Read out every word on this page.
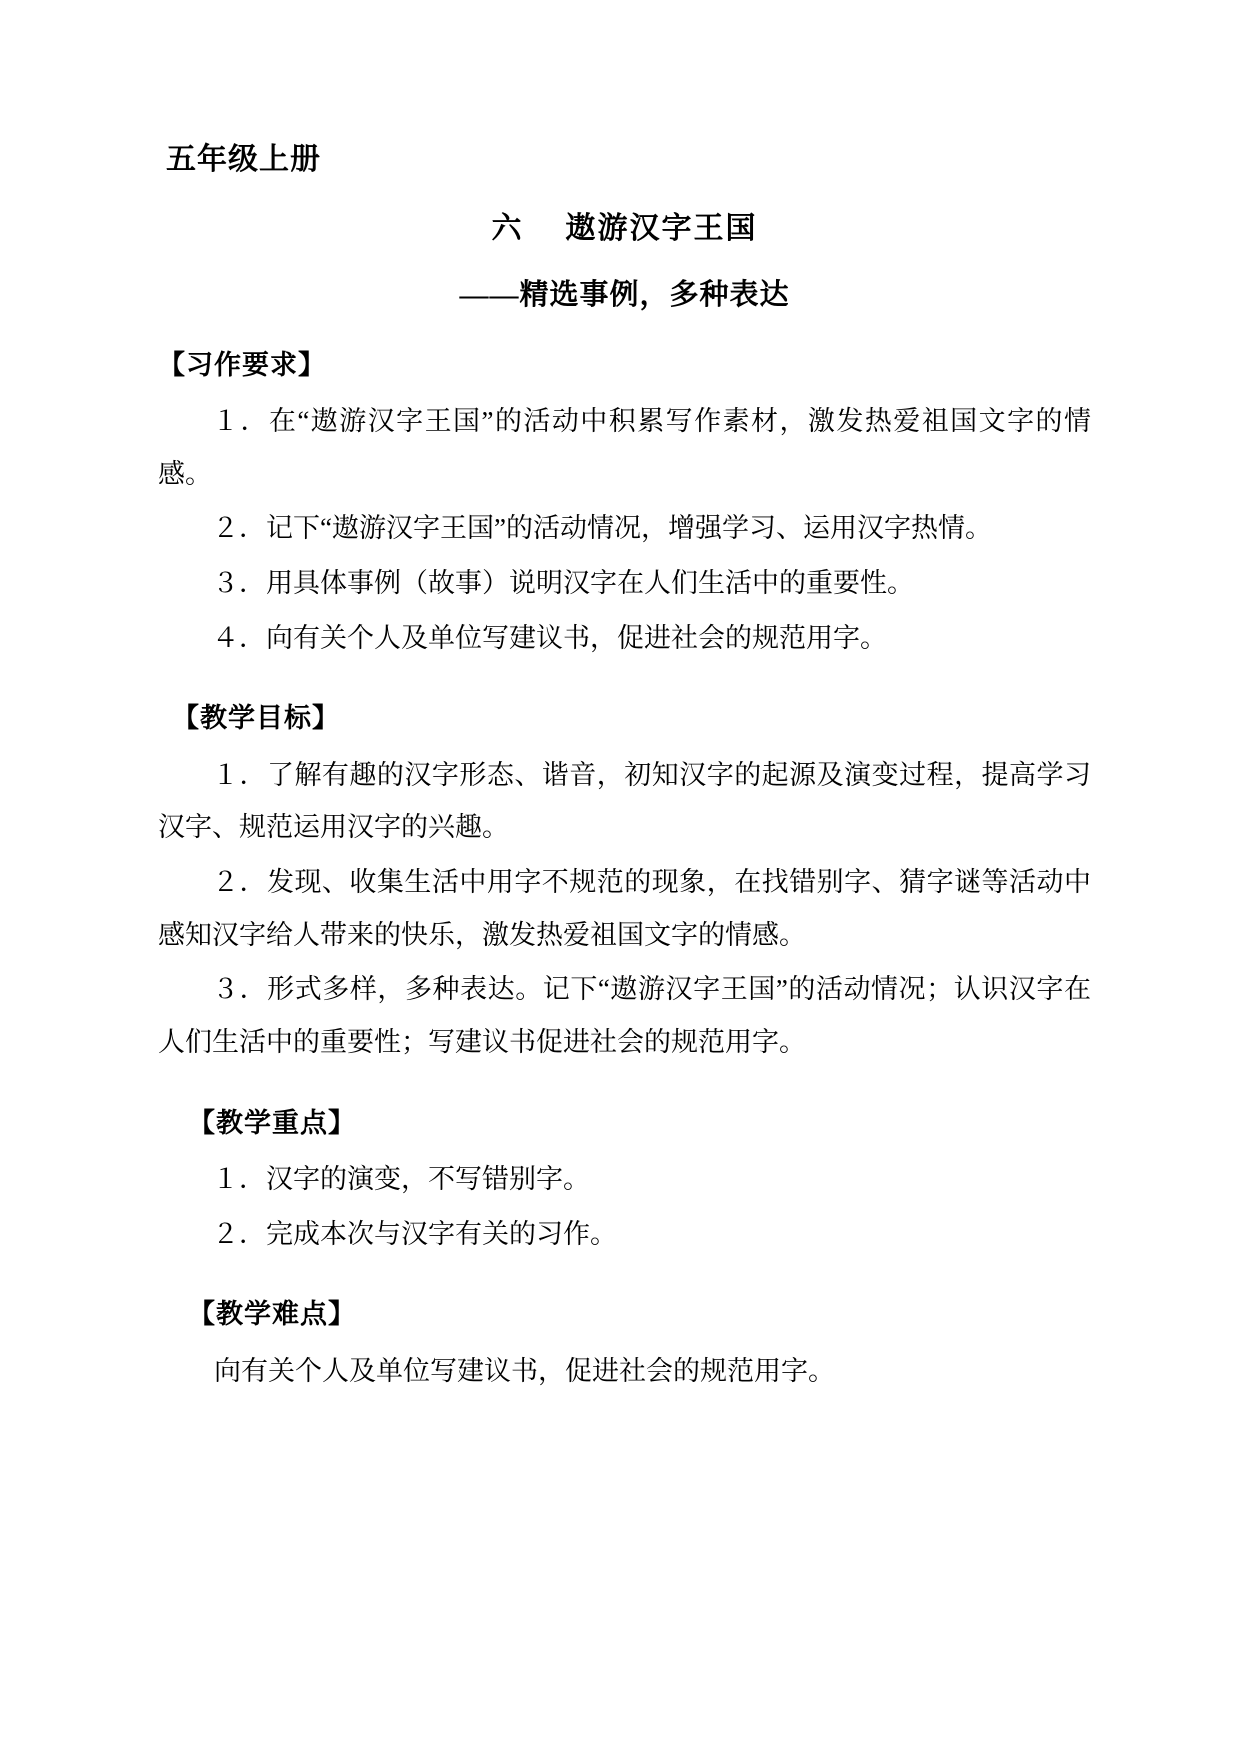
五年级上册
六 遨游汉字王国
——精选事例，多种表达
【习作要求】

１．在“遨游汉字王国”的活动中积累写作素材，激发热爱祖国文字的情感。

２．记下“遨游汉字王国”的活动情况，增强学习、运用汉字热情。

３．用具体事例（故事）说明汉字在人们生活中的重要性。

４．向有关个人及单位写建议书，促进社会的规范用字。

【教学目标】

１．了解有趣的汉字形态、谐音，初知汉字的起源及演变过程，提高学习汉字、规范运用汉字的兴趣。

２．发现、收集生活中用字不规范的现象，在找错别字、猜字谜等活动中感知汉字给人带来的快乐，激发热爱祖国文字的情感。

３．形式多样，多种表达。记下“遨游汉字王国”的活动情况；认识汉字在人们生活中的重要性；写建议书促进社会的规范用字。

【教学重点】

１．汉字的演变，不写错别字。

２．完成本次与汉字有关的习作。

【教学难点】

向有关个人及单位写建议书，促进社会的规范用字。
